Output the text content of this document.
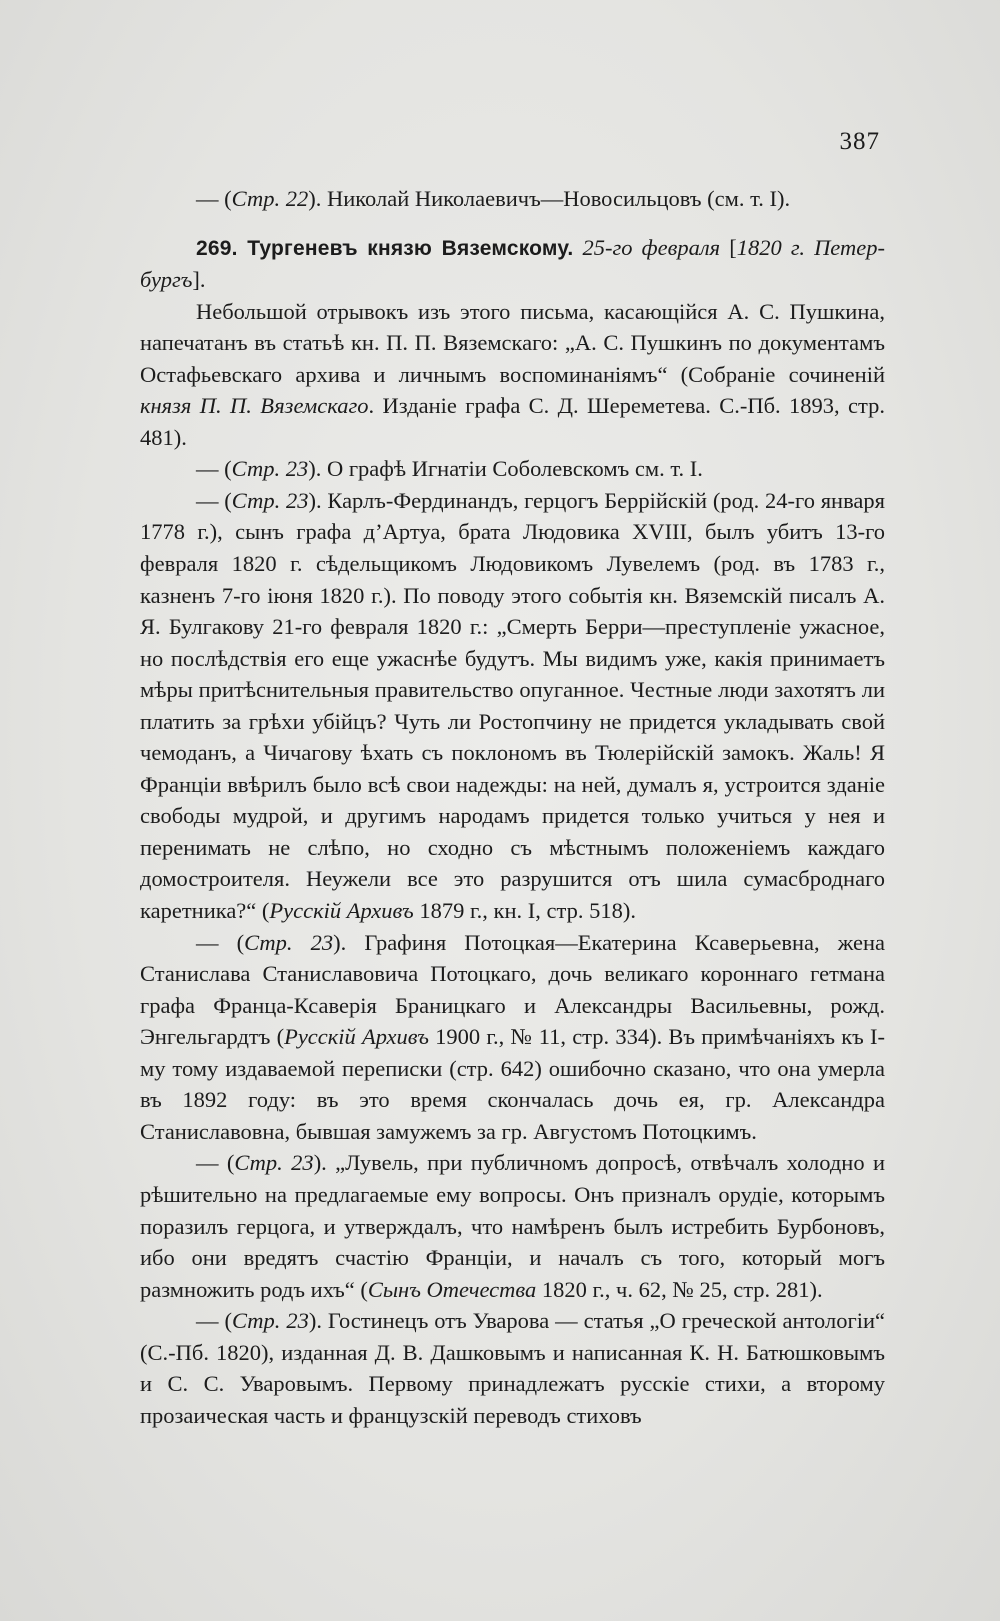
387

— (Стр. 22). Николай Николаевичъ—Новосильцовъ (см. т. I).

269. Тургеневъ князю Вяземскому. 25-го февраля [1820 г. Петербургъ].

Небольшой отрывокъ изъ этого письма, касающійся А. С. Пушкина, напечатанъ въ статьѣ кн. П. П. Вяземскаго: „А. С. Пушкинъ по документамъ Остафьевскаго архива и личнымъ воспоминаніямъ“ (Собраніе сочиненій князя П. П. Вяземскаго. Изданіе графа С. Д. Шереметева. С.-Пб. 1893, стр. 481).

— (Стр. 23). О графѣ Игнатіи Соболевскомъ см. т. I.

— (Стр. 23). Карлъ-Фердинандъ, герцогъ Беррійскій (род. 24-го января 1778 г.), сынъ графа д’Артуа, брата Людовика XVIII, былъ убитъ 13-го февраля 1820 г. сѣдельщикомъ Людовикомъ Лувелемъ (род. въ 1783 г., казненъ 7-го іюня 1820 г.). По поводу этого событія кн. Вяземскій писалъ А. Я. Булгакову 21-го февраля 1820 г.: „Смерть Берри—преступленіе ужасное, но послѣдствія его еще ужаснѣе будутъ. Мы видимъ уже, какія принимаетъ мѣры притѣснительныя правительство опуганное. Честные люди захотятъ ли платить за грѣхи убійцъ? Чуть ли Ростопчину не придется укладывать свой чемоданъ, а Чичагову ѣхать съ поклономъ въ Тюлерійскій замокъ. Жаль! Я Франціи ввѣрилъ было всѣ свои надежды: на ней, думалъ я, устроится зданіе свободы мудрой, и другимъ народамъ придется только учиться у нея и перенимать не слѣпо, но сходно съ мѣстнымъ положеніемъ каждаго домостроителя. Неужели все это разрушится отъ шила сумасброднаго каретника?“ (Русскій Архивъ 1879 г., кн. I, стр. 518).

— (Стр. 23). Графиня Потоцкая—Екатерина Ксаверьевна, жена Станислава Станиславовича Потоцкаго, дочь великаго короннаго гетмана графа Франца-Ксаверія Браницкаго и Александры Васильевны, рожд. Энгельгардтъ (Русскій Архивъ 1900 г., № 11, стр. 334). Въ примѣчаніяхъ къ I-му тому издаваемой переписки (стр. 642) ошибочно сказано, что она умерла въ 1892 году: въ это время скончалась дочь ея, гр. Александра Станиславовна, бывшая замужемъ за гр. Августомъ Потоцкимъ.

— (Стр. 23). „Лувель, при публичномъ допросѣ, отвѣчалъ холодно и рѣшительно на предлагаемые ему вопросы. Онъ призналъ орудіе, которымъ поразилъ герцога, и утверждалъ, что намѣренъ былъ истребить Бурбоновъ, ибо они вредятъ счастію Франціи, и началъ съ того, который могъ размножить родъ ихъ“ (Сынъ Отечества 1820 г., ч. 62, № 25, стр. 281).

— (Стр. 23). Гостинецъ отъ Уварова — статья „О греческой антологіи“ (С.-Пб. 1820), изданная Д. В. Дашковымъ и написанная К. Н. Батюшковымъ и С. С. Уваровымъ. Первому принадлежатъ русскіе стихи, а второму прозаическая часть и французскій переводъ стиховъ
